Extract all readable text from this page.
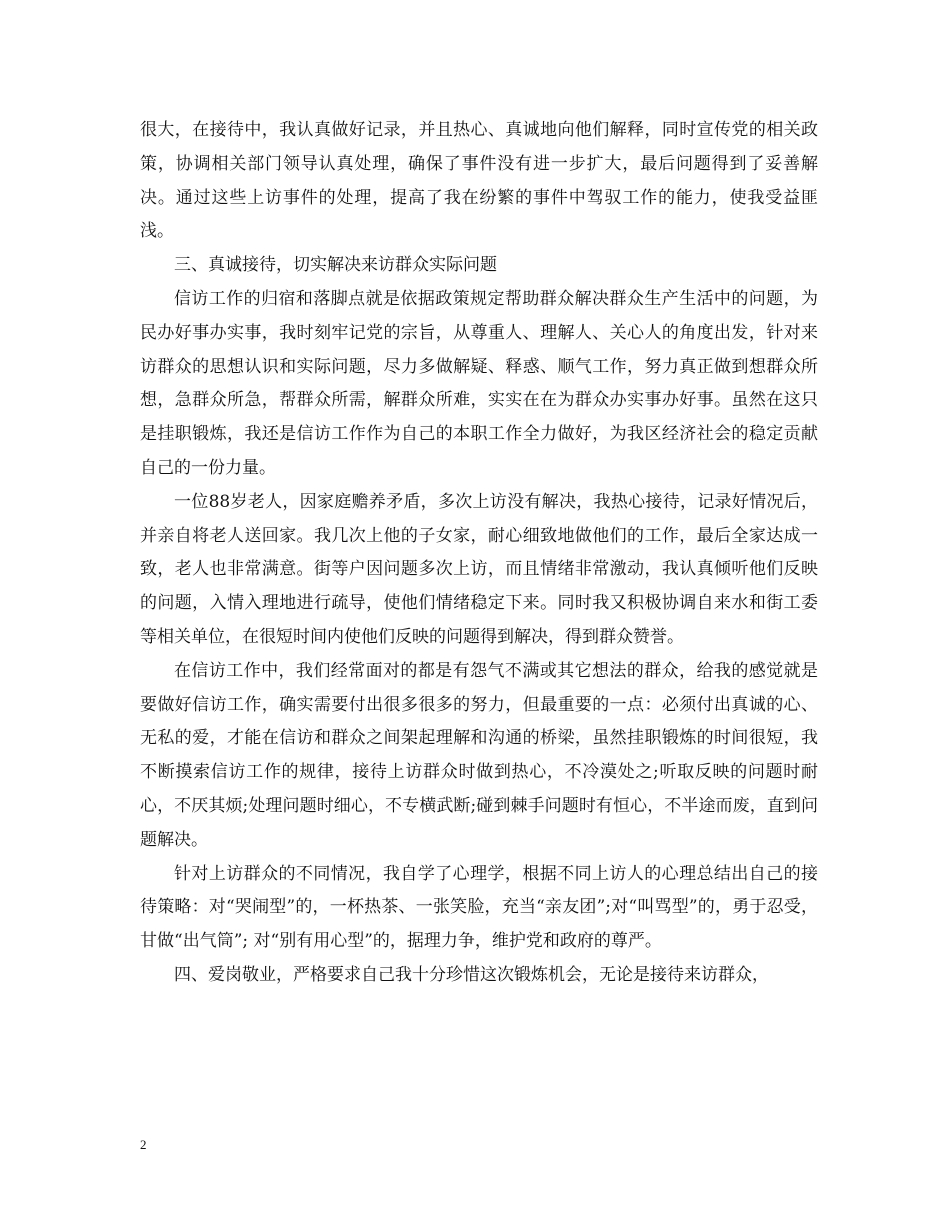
很大，在接待中，我认真做好记录，并且热心、真诚地向他们解释，同时宣传党的相关政策，协调相关部门领导认真处理，确保了事件没有进一步扩大，最后问题得到了妥善解决。通过这些上访事件的处理，提高了我在纷繁的事件中驾驭工作的能力，使我受益匪浅。

三、真诚接待，切实解决来访群众实际问题

信访工作的归宿和落脚点就是依据政策规定帮助群众解决群众生产生活中的问题，为民办好事办实事，我时刻牢记党的宗旨，从尊重人、理解人、关心人的角度出发，针对来访群众的思想认识和实际问题，尽力多做解疑、释惑、顺气工作，努力真正做到想群众所想，急群众所急，帮群众所需，解群众所难，实实在在为群众办实事办好事。虽然在这只是挂职锻炼，我还是信访工作作为自己的本职工作全力做好，为我区经济社会的稳定贡献自己的一份力量。

一位88岁老人，因家庭赡养矛盾，多次上访没有解决，我热心接待，记录好情况后，并亲自将老人送回家。我几次上他的子女家，耐心细致地做他们的工作，最后全家达成一致，老人也非常满意。街等户因问题多次上访，而且情绪非常激动，我认真倾听他们反映的问题，入情入理地进行疏导，使他们情绪稳定下来。同时我又积极协调自来水和街工委等相关单位，在很短时间内使他们反映的问题得到解决，得到群众赞誉。

在信访工作中，我们经常面对的都是有怨气不满或其它想法的群众，给我的感觉就是要做好信访工作，确实需要付出很多很多的努力，但最重要的一点：必须付出真诚的心、无私的爱，才能在信访和群众之间架起理解和沟通的桥梁，虽然挂职锻炼的时间很短，我不断摸索信访工作的规律，接待上访群众时做到热心，不冷漠处之;听取反映的问题时耐心，不厌其烦;处理问题时细心，不专横武断;碰到棘手问题时有恒心，不半途而废，直到问题解决。

针对上访群众的不同情况，我自学了心理学，根据不同上访人的心理总结出自己的接待策略：对“哭闹型”的，一杯热茶、一张笑脸，充当“亲友团”;对“叫骂型”的，勇于忍受，甘做“出气筒”; 对“别有用心型”的，据理力争，维护党和政府的尊严。

四、爱岗敬业，严格要求自己我十分珍惜这次锻炼机会，无论是接待来访群众，

2
